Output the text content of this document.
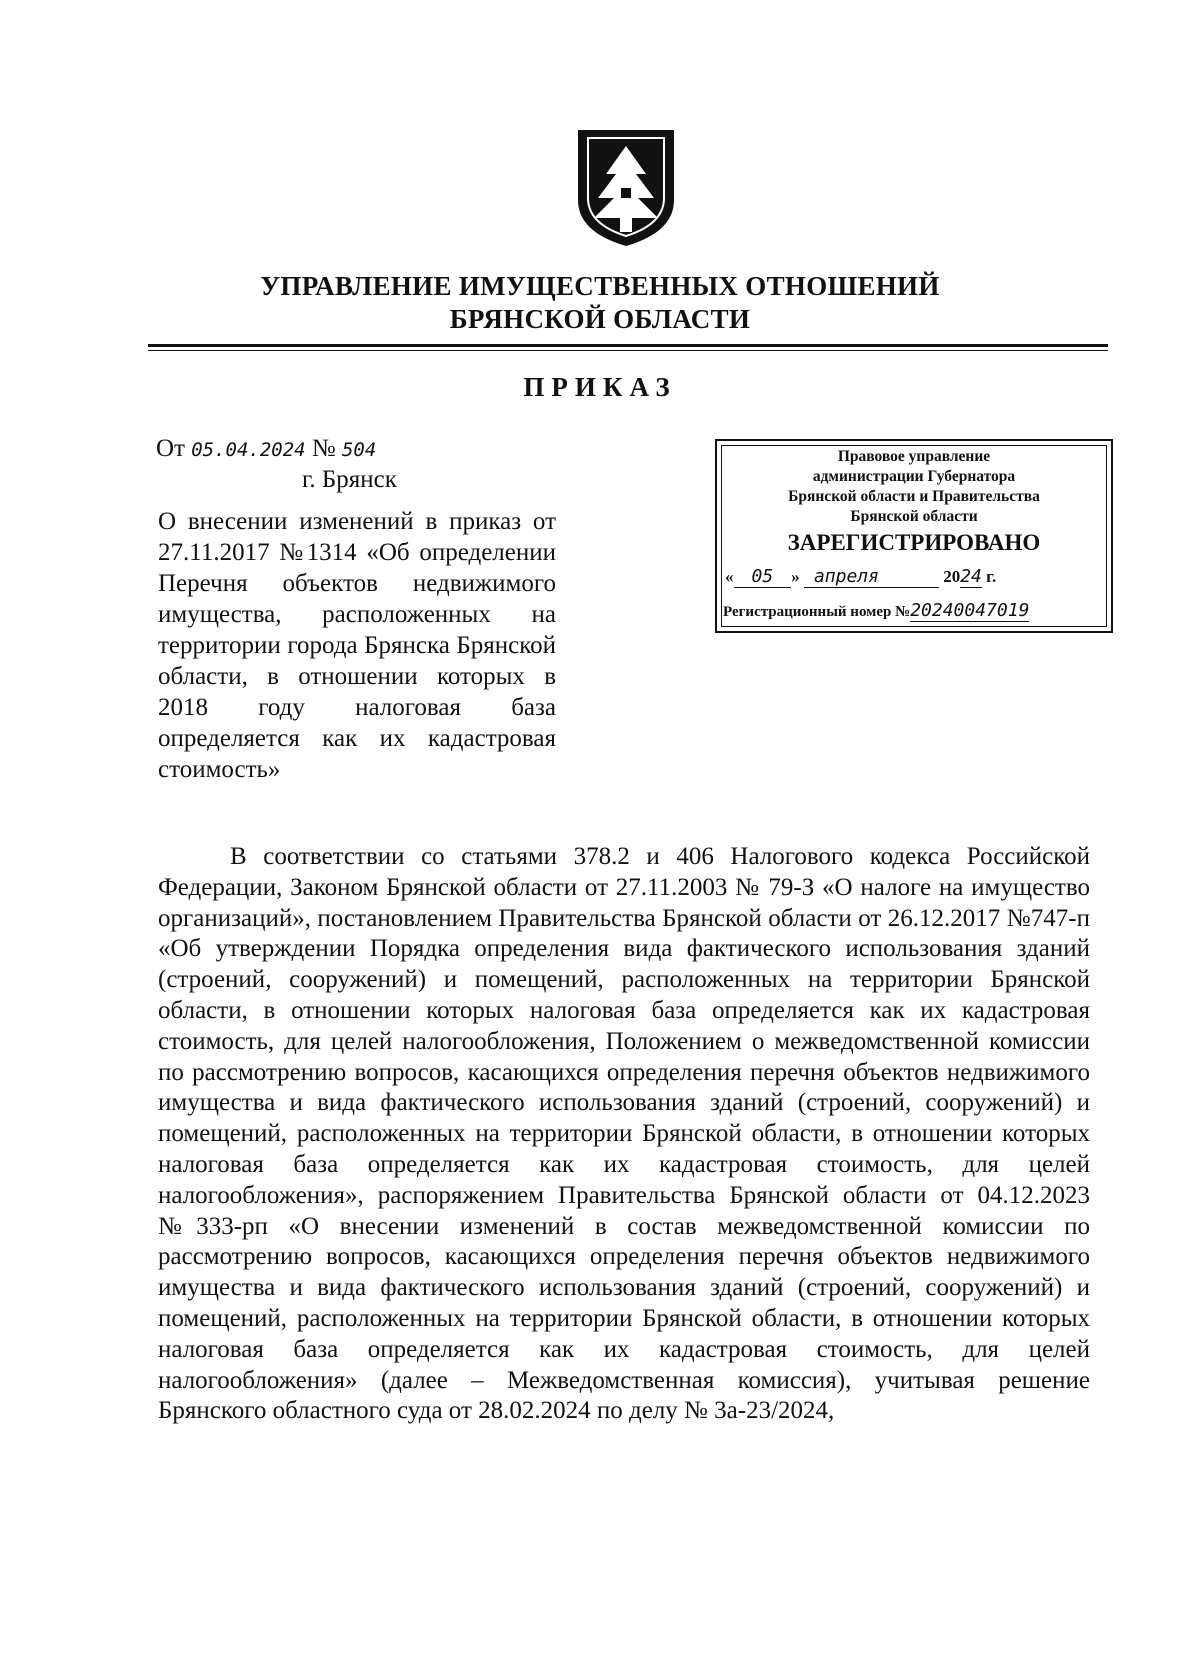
УПРАВЛЕНИЕ ИМУЩЕСТВЕННЫХ ОТНОШЕНИЙ
БРЯНСКОЙ ОБЛАСТИ
ПРИКАЗ
От 05.04.2024 № 504
г. Брянск
О внесении изменений в приказ от 27.11.2017 №1314 «Об определении Перечня объектов недвижимого имущества, расположенных на территории города Брянска Брянской области, в отношении которых в 2018 году налоговая база определяется как их кадастровая
стоимость»
Правовое управление
администрации Губернатора
Брянской области и Правительства
Брянской области
ЗАРЕГИСТРИРОВАНО
« 05 » апреля	2024 г.
Регистрационный номер №20240047019
В соответствии со статьями 378.2 и 406 Налогового кодекса Российской Федерации, Законом Брянской области от 27.11.2003 № 79-З «О налоге на имущество организаций», постановлением Правительства Брянской области от 26.12.2017 №747-п «Об утверждении Порядка определения вида фактического использования зданий (строений, сооружений) и помещений, расположенных на территории Брянской области, в отношении которых налоговая база определяется как их кадастровая стоимость, для целей налогообложения, Положением о межведомственной комиссии по рассмотрению вопросов, касающихся определения перечня объектов недвижимого имущества и вида фактического использования зданий (строений, сооружений) и помещений, расположенных на территории Брянской области, в отношении которых налоговая база определяется как их кадастровая стоимость, для целей налогообложения», распоряжением Правительства Брянской области от 04.12.2023 №333-рп «О внесении изменений в состав межведомственной комиссии по рассмотрению вопросов, касающихся определения перечня объектов недвижимого имущества и вида фактического использования зданий (строений, сооружений) и помещений, расположенных на территории Брянской области, в отношении которых налоговая база определяется как их кадастровая стоимость, для целей налогообложения» (далее – Межведомственная комиссия), учитывая решение Брянского областного суда от 28.02.2024 по делу № 3а-23/2024,
